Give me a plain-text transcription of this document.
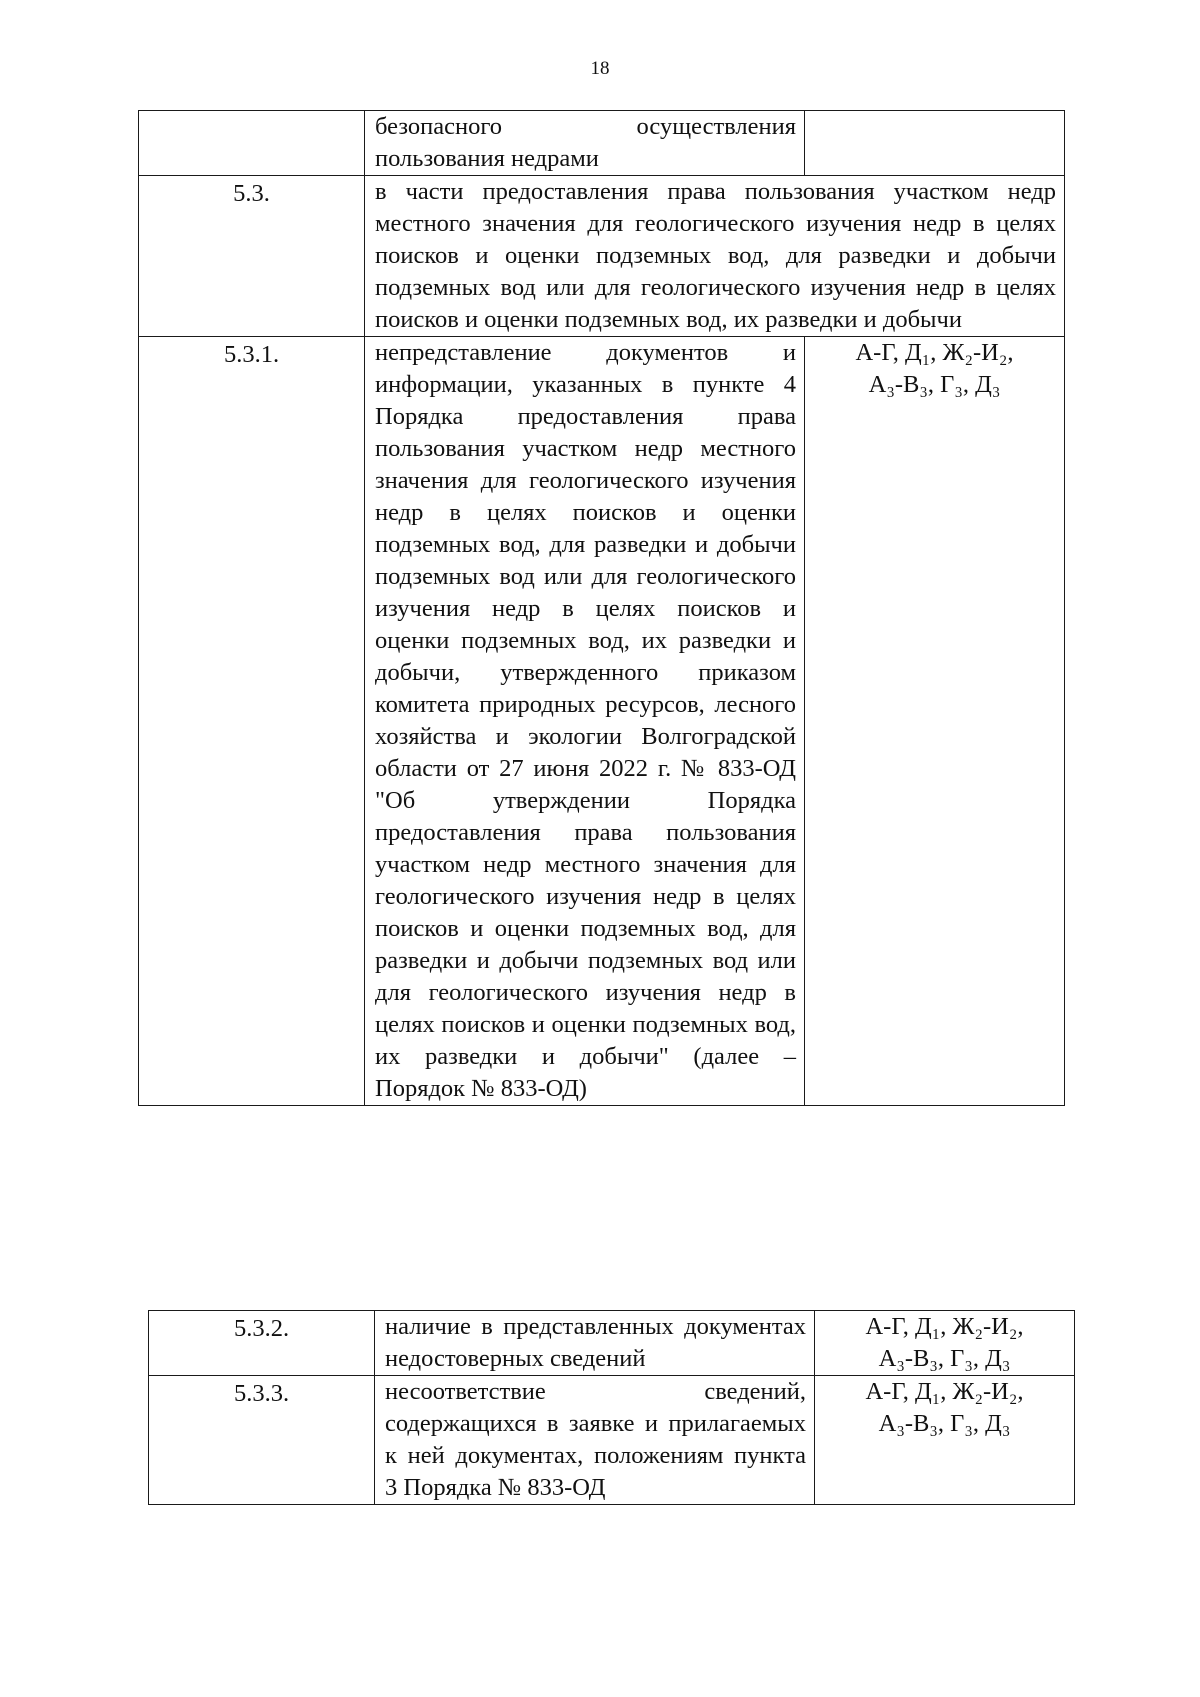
18
	безопасного осуществления пользования недрами	

5.3.	в части предоставления права пользования участком недр местного значения для геологического изучения недр в целях поисков и оценки подземных вод, для разведки и добычи подземных вод или для геологического изучения недр в целях поисков и оценки подземных вод, их разведки и добычи	
5.3.1.	непредставление документов и информации, указанных в пункте 4 Порядка предоставления права пользования участком недр местного значения для геологического изучения недр в целях поисков и оценки подземных вод, для разведки и добычи подземных вод или для геологического изучения недр в целях поисков и оценки подземных вод, их разведки и добычи, утвержденного приказом комитета природных ресурсов, лесного хозяйства и экологии Волгоградской области от 27 июня 2022 г. № 833-ОД "Об утверждении Порядка предоставления права пользования участком недр местного значения для геологического изучения недр в целях поисков и оценки подземных вод, для разведки и добычи подземных вод или для геологического изучения недр в целях поисков и оценки подземных вод, их разведки и добычи" (далее – Порядок № 833-ОД)	А-Г, Д₁, Ж₂-И₂,
А₃-В₃, Г₃, Д₃
5.3.2.	наличие в представленных документах недостоверных сведений	А-Г, Д₁, Ж₂-И₂,
А₃-В₃, Г₃, Д₃

5.3.3.	несоответствие сведений, содержащихся в заявке и прилагаемых к ней документах, положениям пункта 3 Порядка № 833-ОД	А-Г, Д₁, Ж₂-И₂,
А₃-В₃, Г₃, Д₃
